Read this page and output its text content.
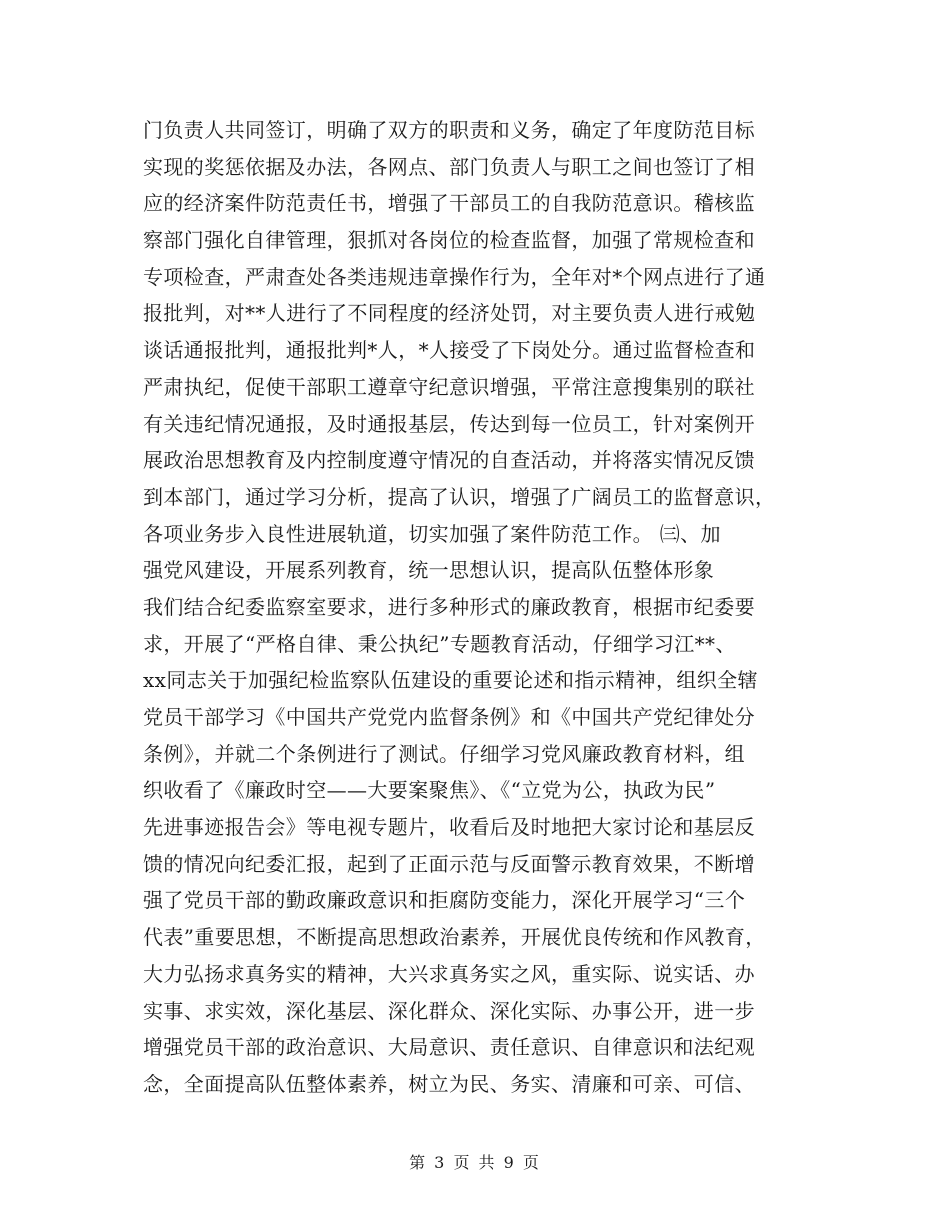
门负责人共同签订，明确了双方的职责和义务，确定了年度防范目标
实现的奖惩依据及办法，各网点、部门负责人与职工之间也签订了相
应的经济案件防范责任书，增强了干部员工的自我防范意识。稽核监
察部门强化自律管理，狠抓对各岗位的检查监督，加强了常规检查和
专项检查，严肃查处各类违规违章操作行为，全年对*个网点进行了通
报批判，对**人进行了不同程度的经济处罚，对主要负责人进行戒勉
谈话通报批判，通报批判*人，*人接受了下岗处分。通过监督检查和
严肃执纪，促使干部职工遵章守纪意识增强，平常注意搜集别的联社
有关违纪情况通报，及时通报基层，传达到每一位员工，针对案例开
展政治思想教育及内控制度遵守情况的自查活动，并将落实情况反馈
到本部门，通过学习分析，提高了认识，增强了广阔员工的监督意识，
各项业务步入良性进展轨道，切实加强了案件防范工作。 ㈢、加
强党风建设，开展系列教育，统一思想认识，提高队伍整体形象
我们结合纪委监察室要求，进行多种形式的廉政教育，根据市纪委要
求，开展了“严格自律、秉公执纪”专题教育活动，仔细学习江**、
xx同志关于加强纪检监察队伍建设的重要论述和指示精神，组织全辖
党员干部学习《中国共产党党内监督条例》和《中国共产党纪律处分
条例》，并就二个条例进行了测试。仔细学习党风廉政教育材料，组
织收看了《廉政时空——大要案聚焦》、《“立党为公，执政为民”
先进事迹报告会》等电视专题片，收看后及时地把大家讨论和基层反
馈的情况向纪委汇报，起到了正面示范与反面警示教育效果，不断增
强了党员干部的勤政廉政意识和拒腐防变能力，深化开展学习“三个
代表”重要思想，不断提高思想政治素养，开展优良传统和作风教育，
大力弘扬求真务实的精神，大兴求真务实之风，重实际、说实话、办
实事、求实效，深化基层、深化群众、深化实际、办事公开，进一步
增强党员干部的政治意识、大局意识、责任意识、自律意识和法纪观
念，全面提高队伍整体素养，树立为民、务实、清廉和可亲、可信、
第 3 页 共 9 页
